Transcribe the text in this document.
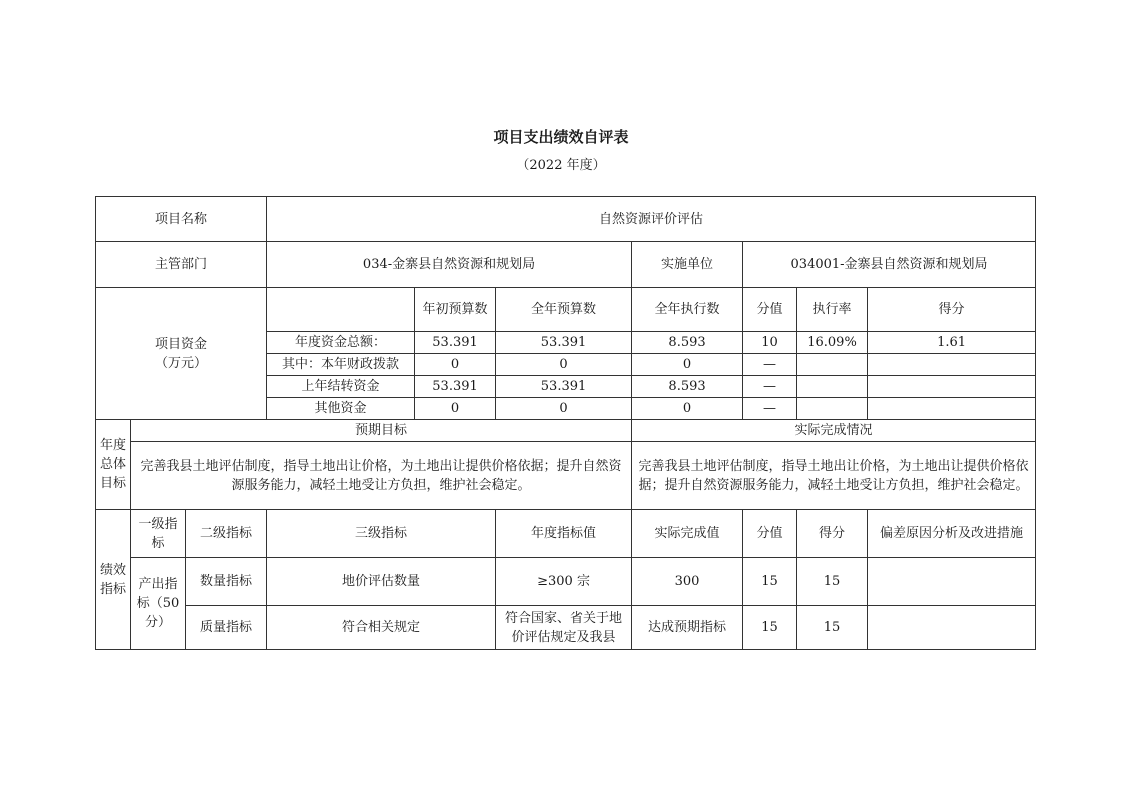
项目支出绩效自评表
（2022 年度）
项目名称			自然资源评价评估						
主管部门			034-金寨县自然资源和规划局			实施单位	034001-金寨县自然资源和规划局		
项目资金
（万元）				年初预算数	全年预算数	全年执行数	分值	执行率	得分
			年度资金总额：	53.391	53.391	8.593	10	16.09%	1.61
			其中：本年财政拨款	0	0	0	—		
			上年结转资金	53.391	53.391	8.593	—		
			其他资金	0	0	0	—		
年度总体目标	预期目标					实际完成情况			
	完善我县土地评估制度，指导土地出让价格，为土地出让提供价格依据；提升自然资源服务能力，减轻土地受让方负担，维护社会稳定。					完善我县土地评估制度，指导土地出让价格，为土地出让提供价格依据；提升自然资源服务能力，减轻土地受让方负担，维护社会稳定。			
绩效指标	一级指标	二级指标	三级指标		年度指标值	实际完成值	分值	得分	偏差原因分析及改进措施
	产出指标（50分）	数量指标	地价评估数量		≥300 宗	300	15	15	
		质量指标	符合相关规定		符合国家、省关于地价评估规定及我县	达成预期指标	15	15	
